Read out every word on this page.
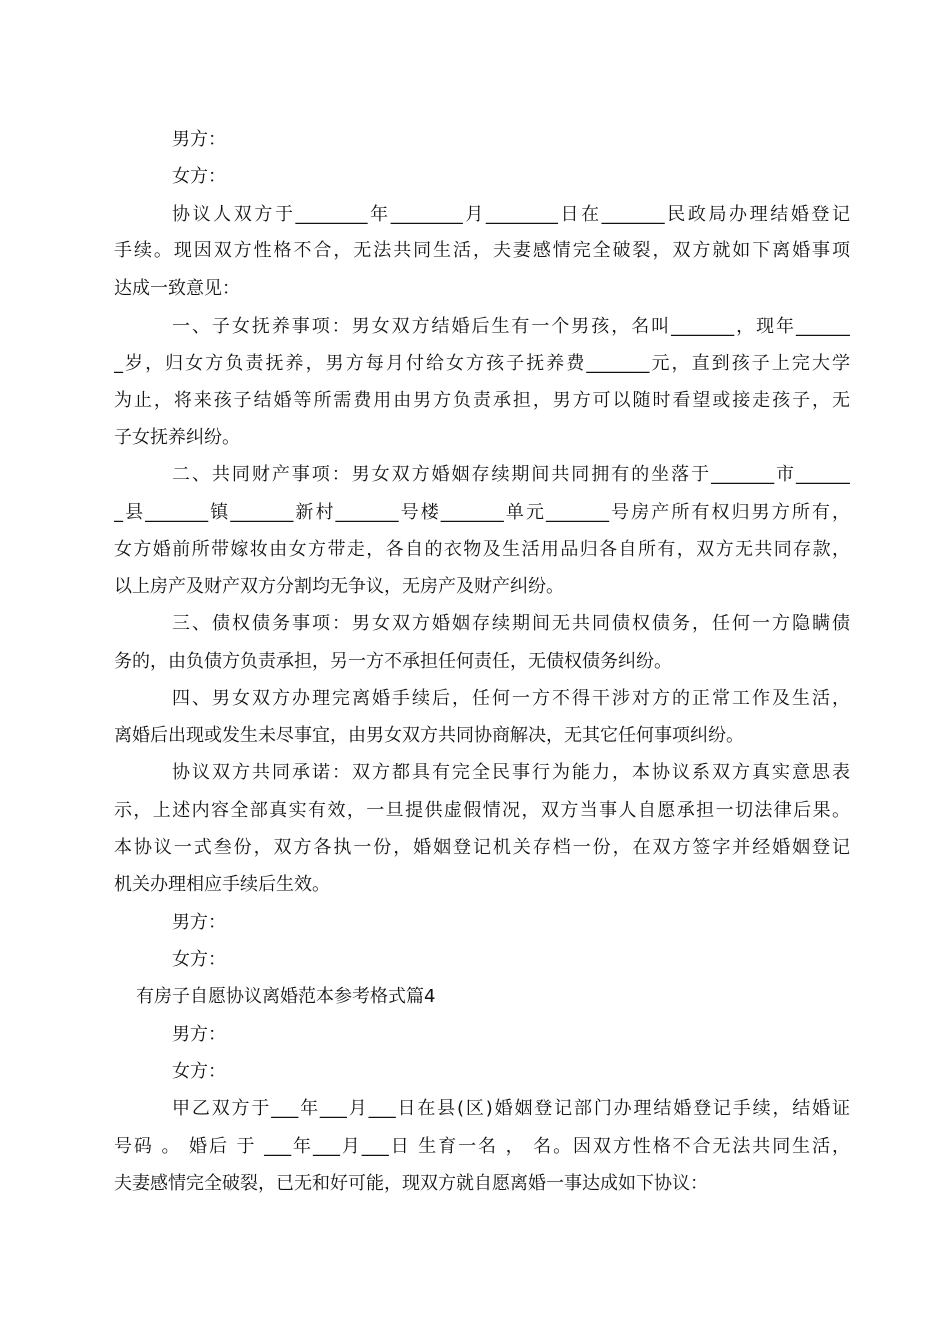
男方：
女方：
协议人双方于________年________月________日在_______民政局办理结婚登记
手续。现因双方性格不合，无法共同生活，夫妻感情完全破裂，双方就如下离婚事项
达成一致意见：
一、子女抚养事项：男女双方结婚后生有一个男孩，名叫_______，现年______
_岁，归女方负责抚养，男方每月付给女方孩子抚养费_______元，直到孩子上完大学
为止，将来孩子结婚等所需费用由男方负责承担，男方可以随时看望或接走孩子，无
子女抚养纠纷。
二、共同财产事项：男女双方婚姻存续期间共同拥有的坐落于_______市______
_县_______镇_______新村_______号楼_______单元_______号房产所有权归男方所有，
女方婚前所带嫁妆由女方带走，各自的衣物及生活用品归各自所有，双方无共同存款，
以上房产及财产双方分割均无争议，无房产及财产纠纷。
三、债权债务事项：男女双方婚姻存续期间无共同债权债务，任何一方隐瞒债
务的，由负债方负责承担，另一方不承担任何责任，无债权债务纠纷。
四、男女双方办理完离婚手续后，任何一方不得干涉对方的正常工作及生活，
离婚后出现或发生未尽事宜，由男女双方共同协商解决，无其它任何事项纠纷。
协议双方共同承诺：双方都具有完全民事行为能力，本协议系双方真实意思表
示，上述内容全部真实有效，一旦提供虚假情况，双方当事人自愿承担一切法律后果。
本协议一式叁份，双方各执一份，婚姻登记机关存档一份，在双方签字并经婚姻登记
机关办理相应手续后生效。
男方：
女方：
有房子自愿协议离婚范本参考格式篇4
男方：
女方：
甲乙双方于___年___月___日在县(区)婚姻登记部门办理结婚登记手续，结婚证
号码 。 婚后 于 ___年___月___日 生育一名 ， 名。因双方性格不合无法共同生活，
夫妻感情完全破裂，已无和好可能，现双方就自愿离婚一事达成如下协议：
